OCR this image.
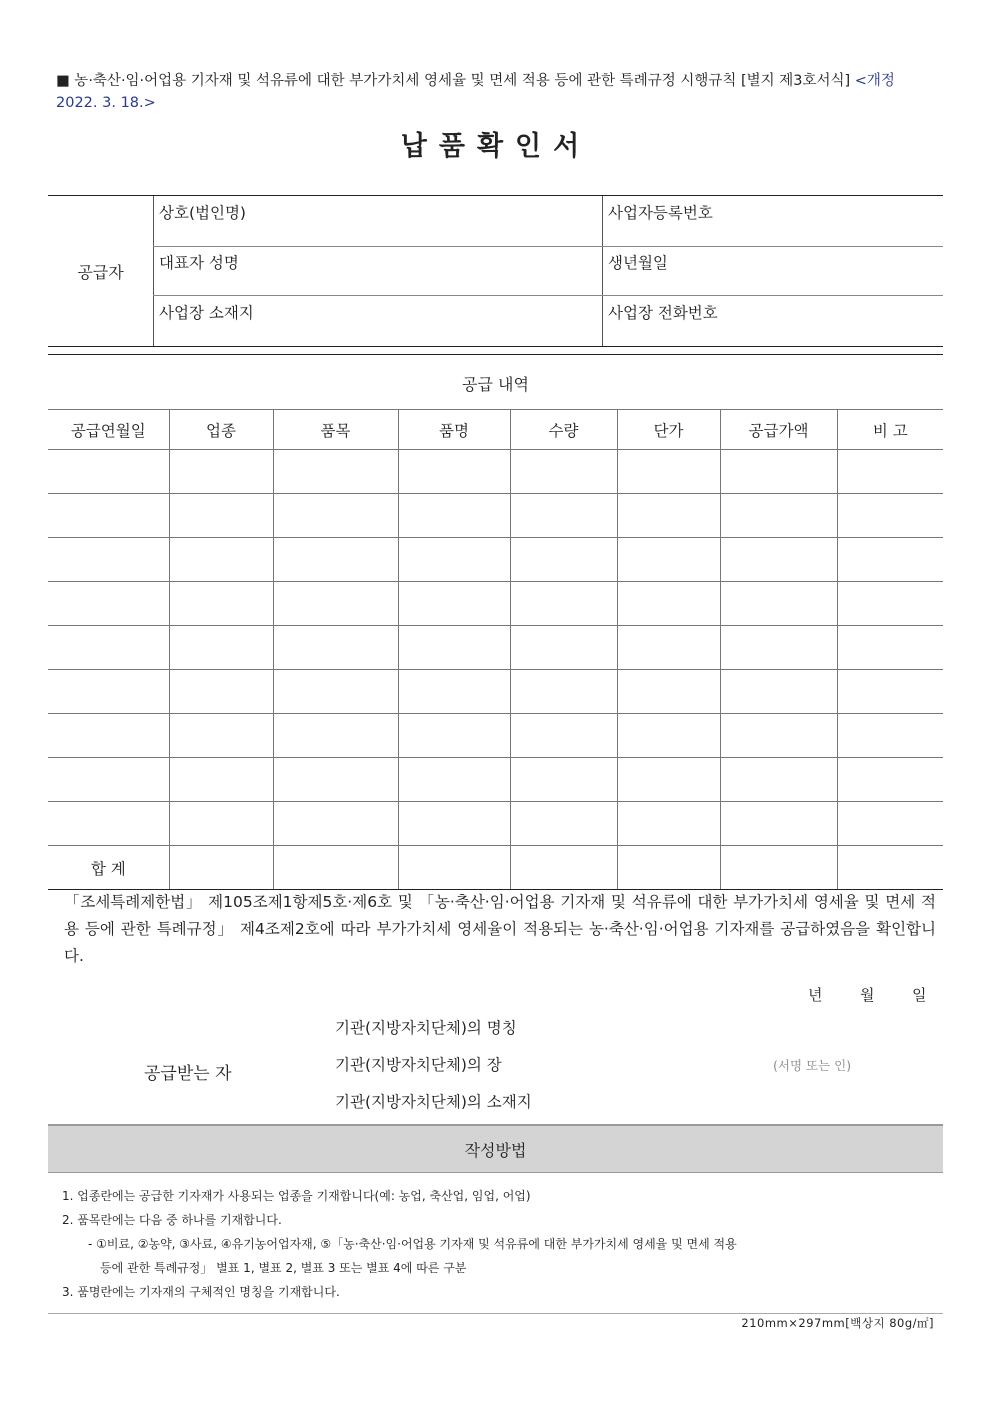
■ 농·축산·임·어업용 기자재 및 석유류에 대한 부가가치세 영세율 및 면세 적용 등에 관한 특례규정 시행규칙 [별지 제3호서식] <개정 2022. 3. 18.>
납품확인서
공급자
상호(법인명)	사업자등록번호
대표자 성명	생년월일
사업장 소재지	사업장 전화번호
공급 내역
공급연월일	업종	품목	품명	수량	단가	공급가액	비 고

합 계							
「조세특례제한법」 제105조제1항제5호·제6호 및 「농·축산·임·어업용 기자재 및 석유류에 대한 부가가치세 영세율 및 면세 적용 등에 관한 특례규정」 제4조제2호에 따라 부가가치세 영세율이 적용되는 농·축산·임·어업용 기자재를 공급하였음을 확인합니다.
년	월	일
공급받는 자
기관(지방자치단체)의 명칭
기관(지방자치단체)의 장	(서명 또는 인)
기관(지방자치단체)의 소재지
작성방법
1. 업종란에는 공급한 기자재가 사용되는 업종을 기재합니다(예: 농업, 축산업, 임업, 어업)
2. 품목란에는 다음 중 하나를 기재합니다.
- ①비료, ②농약, ③사료, ④유기농어업자재, ⑤「농·축산·임·어업용 기자재 및 석유류에 대한 부가가치세 영세율 및 면세 적용
등에 관한 특례규정」 별표 1, 별표 2, 별표 3 또는 별표 4에 따른 구분
3. 품명란에는 기자재의 구체적인 명칭을 기재합니다.
210mm×297mm[백상지 80g/㎡]
